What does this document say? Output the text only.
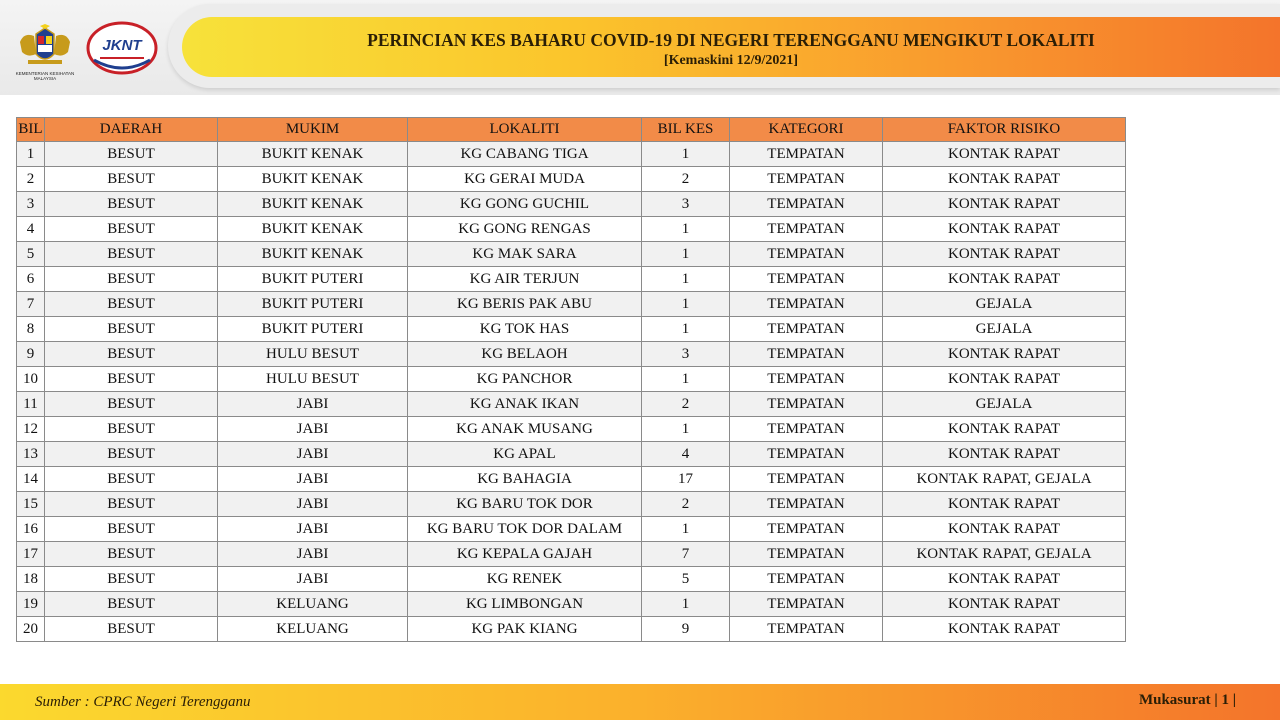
PERINCIAN KES BAHARU COVID-19 DI NEGERI TERENGGANU MENGIKUT LOKALITI
[Kemaskini 12/9/2021]
KEMENTERIAN KESIHATAN MALAYSIA
JKNT
BIL	DAERAH	MUKIM	LOKALITI	BIL KES	KATEGORI	FAKTOR RISIKO
1	BESUT	BUKIT KENAK	KG CABANG TIGA	1	TEMPATAN	KONTAK RAPAT
2	BESUT	BUKIT KENAK	KG GERAI MUDA	2	TEMPATAN	KONTAK RAPAT
3	BESUT	BUKIT KENAK	KG GONG GUCHIL	3	TEMPATAN	KONTAK RAPAT
4	BESUT	BUKIT KENAK	KG GONG RENGAS	1	TEMPATAN	KONTAK RAPAT
5	BESUT	BUKIT KENAK	KG MAK SARA	1	TEMPATAN	KONTAK RAPAT
6	BESUT	BUKIT PUTERI	KG AIR TERJUN	1	TEMPATAN	KONTAK RAPAT
7	BESUT	BUKIT PUTERI	KG BERIS PAK ABU	1	TEMPATAN	GEJALA
8	BESUT	BUKIT PUTERI	KG TOK HAS	1	TEMPATAN	GEJALA
9	BESUT	HULU BESUT	KG BELAOH	3	TEMPATAN	KONTAK RAPAT
10	BESUT	HULU BESUT	KG PANCHOR	1	TEMPATAN	KONTAK RAPAT
11	BESUT	JABI	KG ANAK IKAN	2	TEMPATAN	GEJALA
12	BESUT	JABI	KG ANAK MUSANG	1	TEMPATAN	KONTAK RAPAT
13	BESUT	JABI	KG APAL	4	TEMPATAN	KONTAK RAPAT
14	BESUT	JABI	KG BAHAGIA	17	TEMPATAN	KONTAK RAPAT, GEJALA
15	BESUT	JABI	KG BARU TOK DOR	2	TEMPATAN	KONTAK RAPAT
16	BESUT	JABI	KG BARU TOK DOR DALAM	1	TEMPATAN	KONTAK RAPAT
17	BESUT	JABI	KG KEPALA GAJAH	7	TEMPATAN	KONTAK RAPAT, GEJALA
18	BESUT	JABI	KG RENEK	5	TEMPATAN	KONTAK RAPAT
19	BESUT	KELUANG	KG LIMBONGAN	1	TEMPATAN	KONTAK RAPAT
20	BESUT	KELUANG	KG PAK KIANG	9	TEMPATAN	KONTAK RAPAT
Sumber : CPRC Negeri Terengganu	Mukasurat | 1 |
